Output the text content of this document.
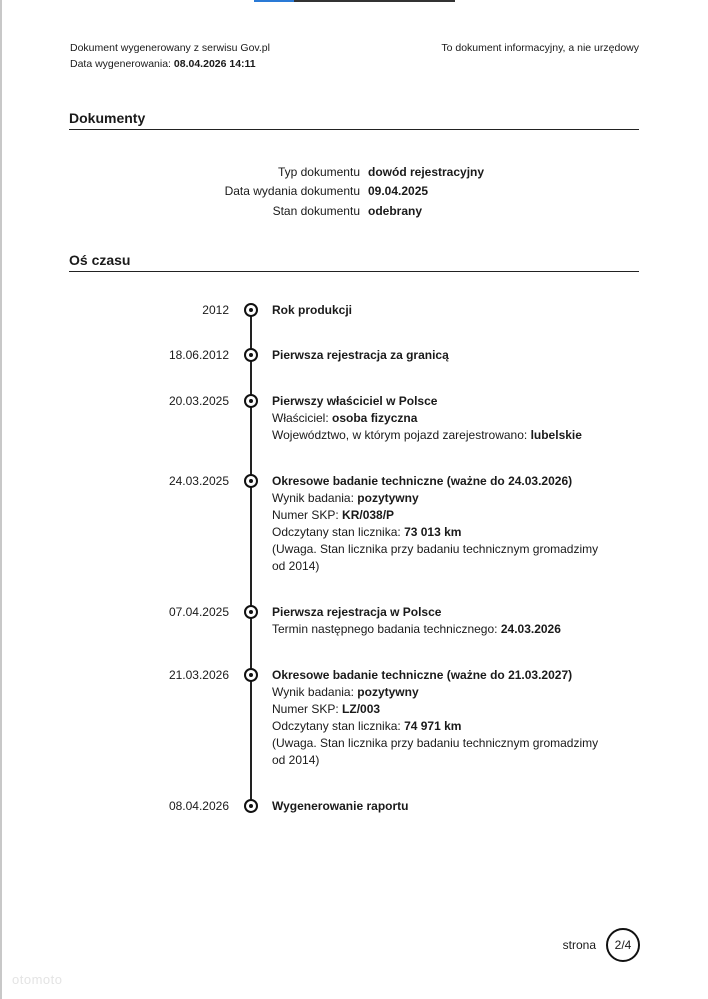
Dokument wygenerowany z serwisu Gov.pl
Data wygenerowania: 08.04.2026 14:11
To dokument informacyjny, a nie urzędowy
Dokumenty
Typ dokumentu dowód rejestracyjny
Data wydania dokumentu 09.04.2025
Stan dokumentu odebrany
Oś czasu
2012	Rok produkcji
18.06.2012	Pierwsza rejestracja za granicą
20.03.2025	Pierwszy właściciel w Polsce
Właściciel: osoba fizyczna
Województwo, w którym pojazd zarejestrowano: lubelskie
24.03.2025	Okresowe badanie techniczne (ważne do 24.03.2026)
Wynik badania: pozytywny
Numer SKP: KR/038/P
Odczytany stan licznika: 73 013 km
(Uwaga. Stan licznika przy badaniu technicznym gromadzimy od 2014)
07.04.2025	Pierwsza rejestracja w Polsce
Termin następnego badania technicznego: 24.03.2026
21.03.2026	Okresowe badanie techniczne (ważne do 21.03.2027)
Wynik badania: pozytywny
Numer SKP: LZ/003
Odczytany stan licznika: 74 971 km
(Uwaga. Stan licznika przy badaniu technicznym gromadzimy od 2014)
08.04.2026	Wygenerowanie raportu
strona	2/4
otomoto
